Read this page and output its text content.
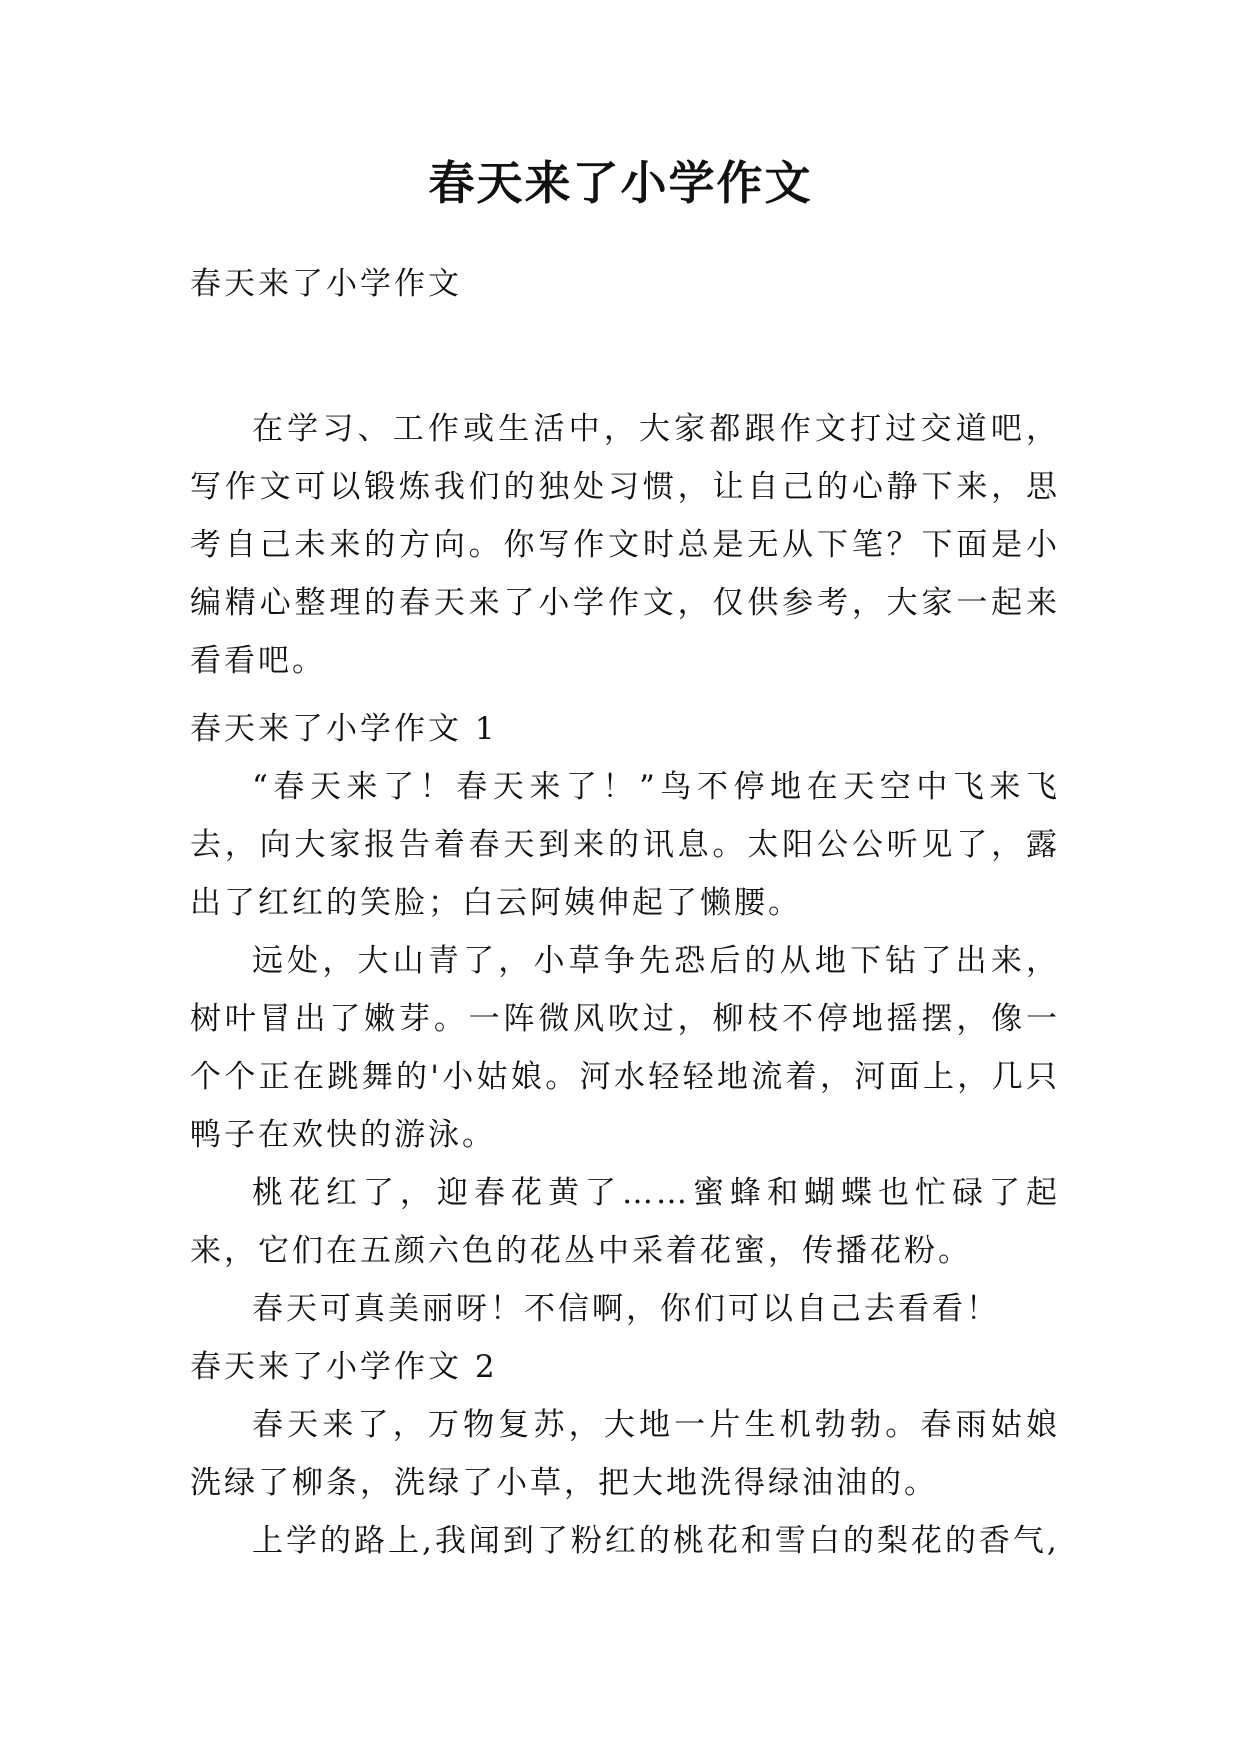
春天来了小学作文

春天来了小学作文

在学习、工作或生活中，大家都跟作文打过交道吧，写作文可以锻炼我们的独处习惯，让自己的心静下来，思考自己未来的方向。你写作文时总是无从下笔？下面是小编精心整理的春天来了小学作文，仅供参考，大家一起来看看吧。

春天来了小学作文 1

“春天来了！春天来了！”鸟不停地在天空中飞来飞去，向大家报告着春天到来的讯息。太阳公公听见了，露出了红红的笑脸；白云阿姨伸起了懒腰。

远处，大山青了，小草争先恐后的从地下钻了出来，树叶冒出了嫩芽。一阵微风吹过，柳枝不停地摇摆，像一个个正在跳舞的'小姑娘。河水轻轻地流着，河面上，几只鸭子在欢快的游泳。

桃花红了，迎春花黄了……蜜蜂和蝴蝶也忙碌了起来，它们在五颜六色的花丛中采着花蜜，传播花粉。

春天可真美丽呀！不信啊，你们可以自己去看看！

春天来了小学作文 2

春天来了，万物复苏，大地一片生机勃勃。春雨姑娘洗绿了柳条，洗绿了小草，把大地洗得绿油油的。

上学的路上,我闻到了粉红的桃花和雪白的梨花的香气,
